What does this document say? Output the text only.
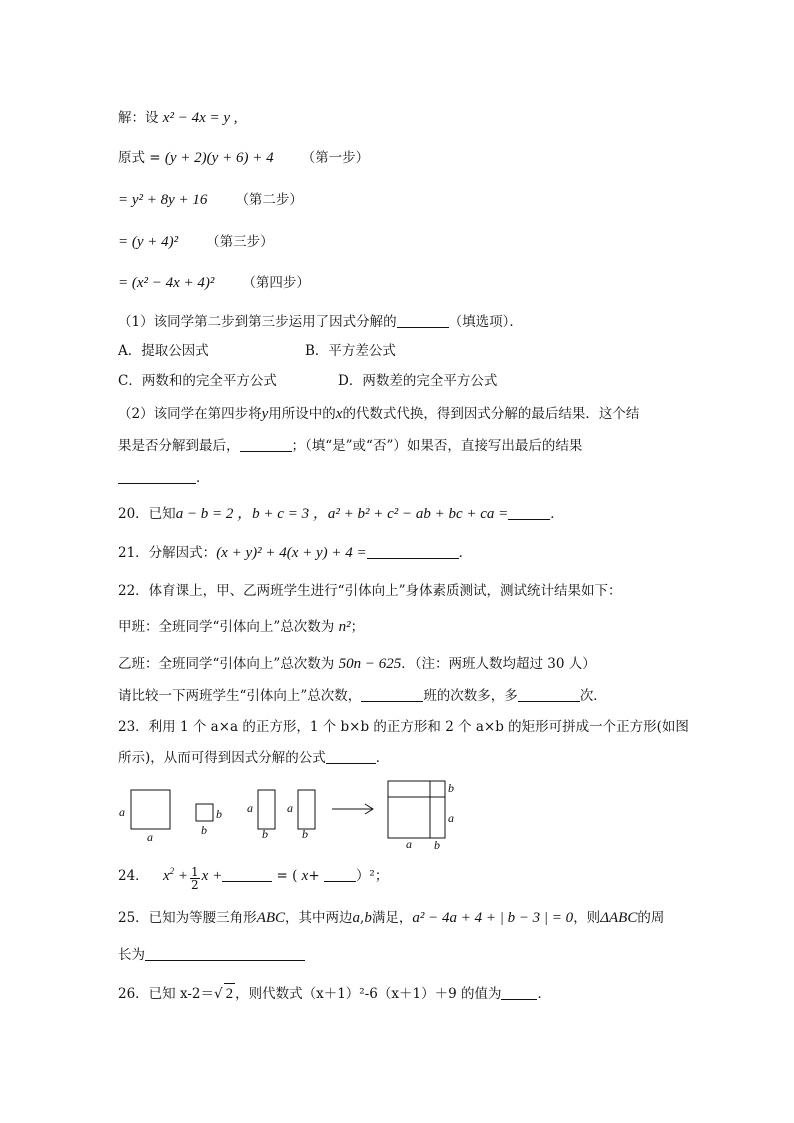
解：设 x² − 4x = y ,
原式 = (y + 2)(y + 6) + 4 （第一步）
= y² + 8y + 16 （第二步）
= (y + 4)² （第三步）
= (x² − 4x + 4)² （第四步）
（1）该同学第二步到第三步运用了因式分解的	（填选项）．
A．提取公因式	B．平方差公式
C．两数和的完全平方公式	D．两数差的完全平方公式
（2）该同学在第四步将y用所设中的x的代数式代换，得到因式分解的最后结果．这个结
果是否分解到最后，	；（填“是”或“否”）如果否，直接写出最后的结果
．
20．已知a − b = 2 ，b + c = 3 ，a² + b² + c² − ab + bc + ca =	．
21．分解因式：(x + y)² + 4(x + y) + 4 =	．
22．体育课上，甲、乙两班学生进行“引体向上”身体素质测试，测试统计结果如下：
甲班：全班同学“引体向上”总次数为 n²；
乙班：全班同学“引体向上”总次数为 50n − 625．（注：两班人数均超过 30 人）
请比较一下两班学生“引体向上”总次数，	班的次数多，多	次．
23．利用 1 个 a×a 的正方形，1 个 b×b 的正方形和 2 个 a×b 的矩形可拼成一个正方形(如图
所示)，从而可得到因式分解的公式	．
a
a
b
b
a
b
a
b
b
a
a b
24． $x^2 + \frac{1}{2}$ x +	= ( x+ ）²；
25．已知为等腰三角形ABC，其中两边a,b满足，a² − 4a + 4 + | b − 3 | = 0，则ΔABC的周
长为
26．已知 x-2＝√ 2 ，则代数式（x＋1）²-6（x＋1）＋9 的值为	．
